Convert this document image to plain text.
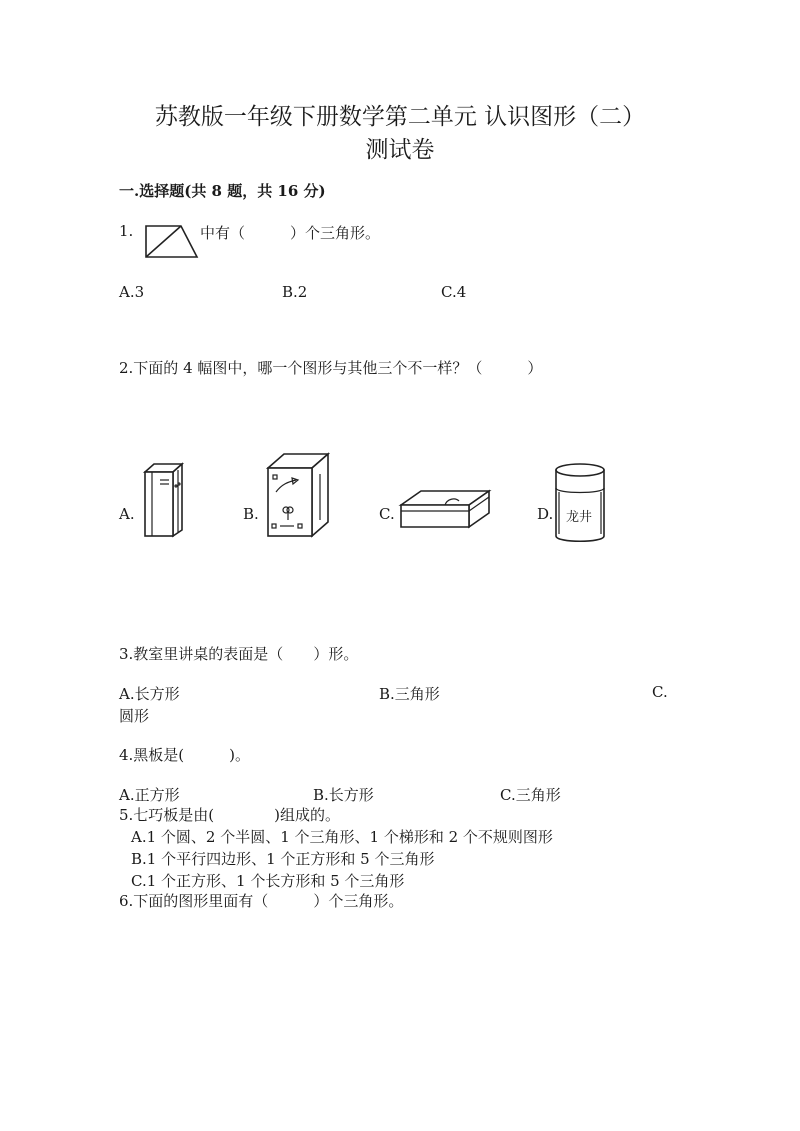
苏教版一年级下册数学第二单元 认识图形（二）
测试卷
一.选择题(共 8 题，共 16 分)
1.	中有（　　　）个三角形。
A.3	B.2	C.4
2.下面的 4 幅图中，哪一个图形与其他三个不一样？（　　　）
A.	B.	C.	D. 龙井
3.教室里讲桌的表面是（　　）形。
A.长方形	B.三角形	C.
圆形
4.黑板是(　　　)。
A.正方形	B.长方形	C.三角形
5.七巧板是由(　　　　)组成的。
A.1 个圆、2 个半圆、1 个三角形、1 个梯形和 2 个不规则图形
B.1 个平行四边形、1 个正方形和 5 个三角形
C.1 个正方形、1 个长方形和 5 个三角形
6.下面的图形里面有（　　　）个三角形。
